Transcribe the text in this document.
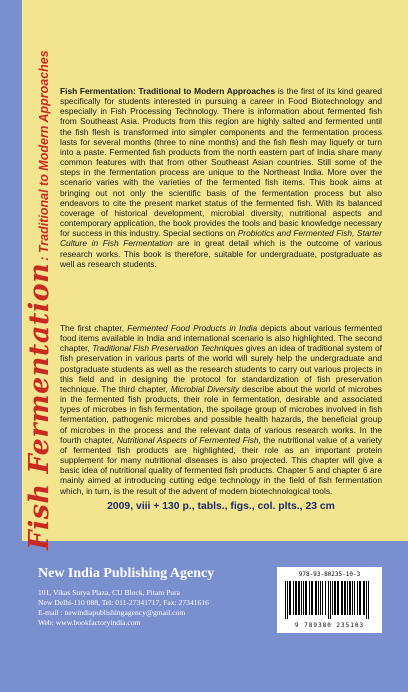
Fish Fermentation
: Traditional to Modern Approaches Fish Fermentation: Traditional to Modern Approaches is the first of its kind geared specifically for students interested in pursuing a career in Food Biotechnology and especially in Fish Processing Technology. There is information about fermented fish from Southeast Asia. Products from this region are highly salted and fermented until the fish flesh is transformed into simpler components and the fermentation process lasts for several months (three to nine months) and the fish flesh may liquefy or turn into a paste. Fermented fish products from the north eastern part of India share many common features with that from other Southeast Asian countries. Still some of the steps in the fermentation process are unique to the Northeast India. More over the scenario varies with the varieties of the fermented fish items. This book aims at bringing out not only the scientific basis of the fermentation process but also endeavors to cite the present market status of the fermented fish. With its balanced coverage of historical development, microbial diversity, nutritional aspects and contemporary application, the book provides the tools and basic knowledge necessary for success in this industry. Special sections on Probiotics and Fermented Fish, Starter Culture in Fish Fermentation are in great detail which is the outcome of various research works. This book is therefore, suitable for undergraduate, postgraduate as well as research students.

The first chapter, Fermented Food Products in India depicts about various fermented food items available in India and international scenario is also highlighted. The second chapter, Traditional Fish Preservation Techniques gives an idea of traditional system of fish preservation in various parts of the world will surely help the undergraduate and postgraduate students as well as the research students to carry out various projects in this field and in designing the protocol for standardization of fish preservation technique. The third chapter, Microbial Diversity describe about the world of microbes in the fermented fish products, their role in fermentation, desirable and associated types of microbes in fish fermentation, the spoilage group of microbes involved in fish fermentation, pathogenic microbes and possible health hazards, the beneficial group of microbes in the process and the relevant data of various research works. In the fourth chapter, Nutritional Aspects of Fermented Fish, the nutritional value of a variety of fermented fish products are highlighted, their role as an important protein supplement for many nutritional diseases is also projected. This chapter will give a basic idea of nutritional quality of fermented fish products. Chapter 5 and chapter 6 are mainly aimed at introducing cutting edge technology in the field of fish fermentation which, in turn, is the result of the advent of modern biotechnological tools.

2009, viii + 130 p., tabls., figs., col. plts., 23 cm
New India Publishing Agency
101, Vikas Surya Plaza, CU Block, Pitam Pura
New Delhi-110 088, Tel: 011-27341717, Fax: 27341616
E-mail : newindiapublishingagency@gmail.com
Web: www.bookfactoryindia.com
978-93-80235-10-3
9 789380 235103
